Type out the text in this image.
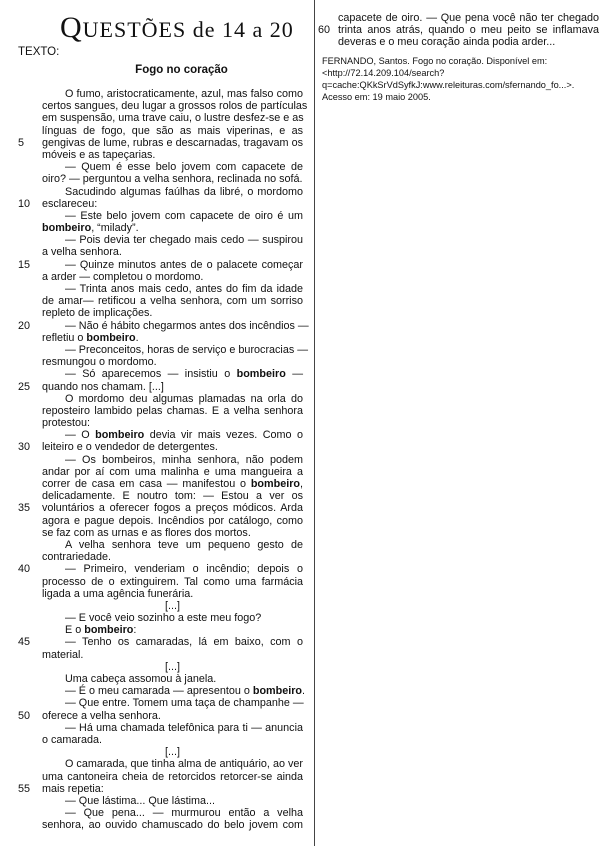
QUESTÕES de 14 a 20
TEXTO:
Fogo no coração
O fumo, aristocraticamente, azul, mas falso como
certos sangues, deu lugar a grossos rolos de partículas
em suspensão, uma trave caiu, o lustre desfez-se e as
línguas de fogo, que são as mais viperinas, e as
gengivas de lume, rubras e descarnadas, tragavam os
5
móveis e as tapeçarias.
— Quem é esse belo jovem com capacete de
oiro? — perguntou a velha senhora, reclinada no sofá.
Sacudindo algumas faúlhas da libré, o mordomo
esclareceu:
10
— Este belo jovem com capacete de oiro é um
bombeiro, “milady”.
— Pois devia ter chegado mais cedo — suspirou
a velha senhora.
— Quinze minutos antes de o palacete começar
15
a arder — completou o mordomo.
— Trinta anos mais cedo, antes do fim da idade
de amar— retificou a velha senhora, com um sorriso
repleto de implicações.
— Não é hábito chegarmos antes dos incêndios —
20
refletiu o bombeiro.
— Preconceitos, horas de serviço e burocracias —
resmungou o mordomo.
— Só aparecemos — insistiu o bombeiro —
quando nos chamam. [...]
25
O mordomo deu algumas plamadas na orla do
reposteiro lambido pelas chamas. E a velha senhora
protestou:
— O bombeiro devia vir mais vezes. Como o
leiteiro e o vendedor de detergentes.
30
— Os bombeiros, minha senhora, não podem
andar por aí com uma malinha e uma mangueira a
correr de casa em casa — manifestou o bombeiro,
delicadamente. E noutro tom: — Estou a ver os
voluntários a oferecer fogos a preços módicos. Arda
35
agora e pague depois. Incêndios por catálogo, como
se faz com as urnas e as flores dos mortos.
A velha senhora teve um pequeno gesto de
contrariedade.
— Primeiro, venderiam o incêndio; depois o
40
processo de o extinguirem. Tal como uma farmácia
ligada a uma agência funerária.
[...]
— E você veio sozinho a este meu fogo?
E o bombeiro:
— Tenho os camaradas, lá em baixo, com o
45
material.
[...]
Uma cabeça assomou à janela.
— É o meu camarada — apresentou o bombeiro.
— Que entre. Tomem uma taça de champanhe —
oferece a velha senhora.
50
— Há uma chamada telefônica para ti — anuncia
o camarada.
[...]
O camarada, que tinha alma de antiquário, ao ver
uma cantoneira cheia de retorcidos retorcer-se ainda
mais repetia:
55
— Que lástima... Que lástima...
— Que pena... — murmurou então a velha
senhora, ao ouvido chamuscado do belo jovem com
capacete de oiro. — Que pena você não ter chegado
trinta anos atrás, quando o meu peito se inflamava
60
deveras e o meu coração ainda podia arder...
FERNANDO, Santos. Fogo no coração. Disponível em: <http://72.14.209.104/search?q=cache:QKkSrVdSyfkJ:www.releituras.com/sfernando_fo...>. Acesso em: 19 maio 2005.
